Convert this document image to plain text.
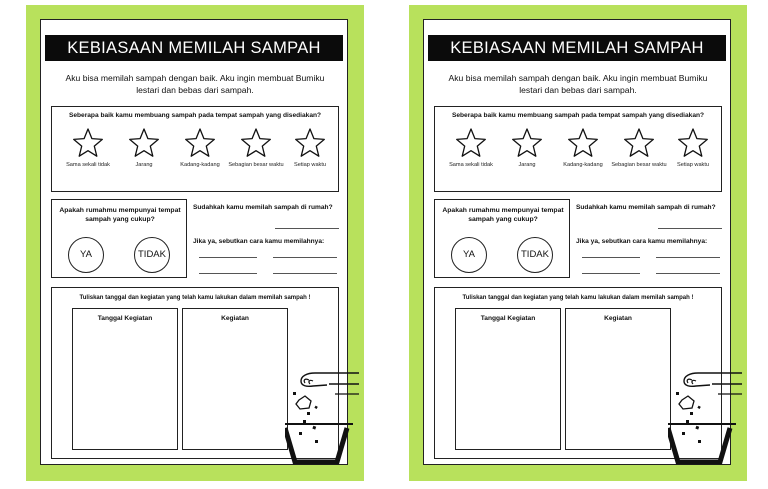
KEBIASAAN MEMILAH SAMPAH
Aku bisa memilah sampah dengan baik. Aku ingin membuat Bumiku
lestari dan bebas dari sampah.
Seberapa baik kamu membuang sampah pada tempat sampah yang disediakan?
Sama sekali tidak	Jarang	Kadang-kadang	Sebagian besar waktu	Setiap waktu
Apakah rumahmu mempunyai tempat sampah yang cukup?
YA	TIDAK
Sudahkah kamu memilah sampah di rumah?
Jika ya, sebutkan cara kamu memilahnya:
Tuliskan tanggal dan kegiatan yang telah kamu lakukan dalam memilah sampah !
Tanggal Kegiatan	Kegiatan
KEBIASAAN MEMILAH SAMPAH
Aku bisa memilah sampah dengan baik. Aku ingin membuat Bumiku
lestari dan bebas dari sampah.
Seberapa baik kamu membuang sampah pada tempat sampah yang disediakan?
Sama sekali tidak	Jarang	Kadang-kadang	Sebagian besar waktu	Setiap waktu
Apakah rumahmu mempunyai tempat sampah yang cukup?
YA	TIDAK
Sudahkah kamu memilah sampah di rumah?
Jika ya, sebutkan cara kamu memilahnya:
Tuliskan tanggal dan kegiatan yang telah kamu lakukan dalam memilah sampah !
Tanggal Kegiatan	Kegiatan
